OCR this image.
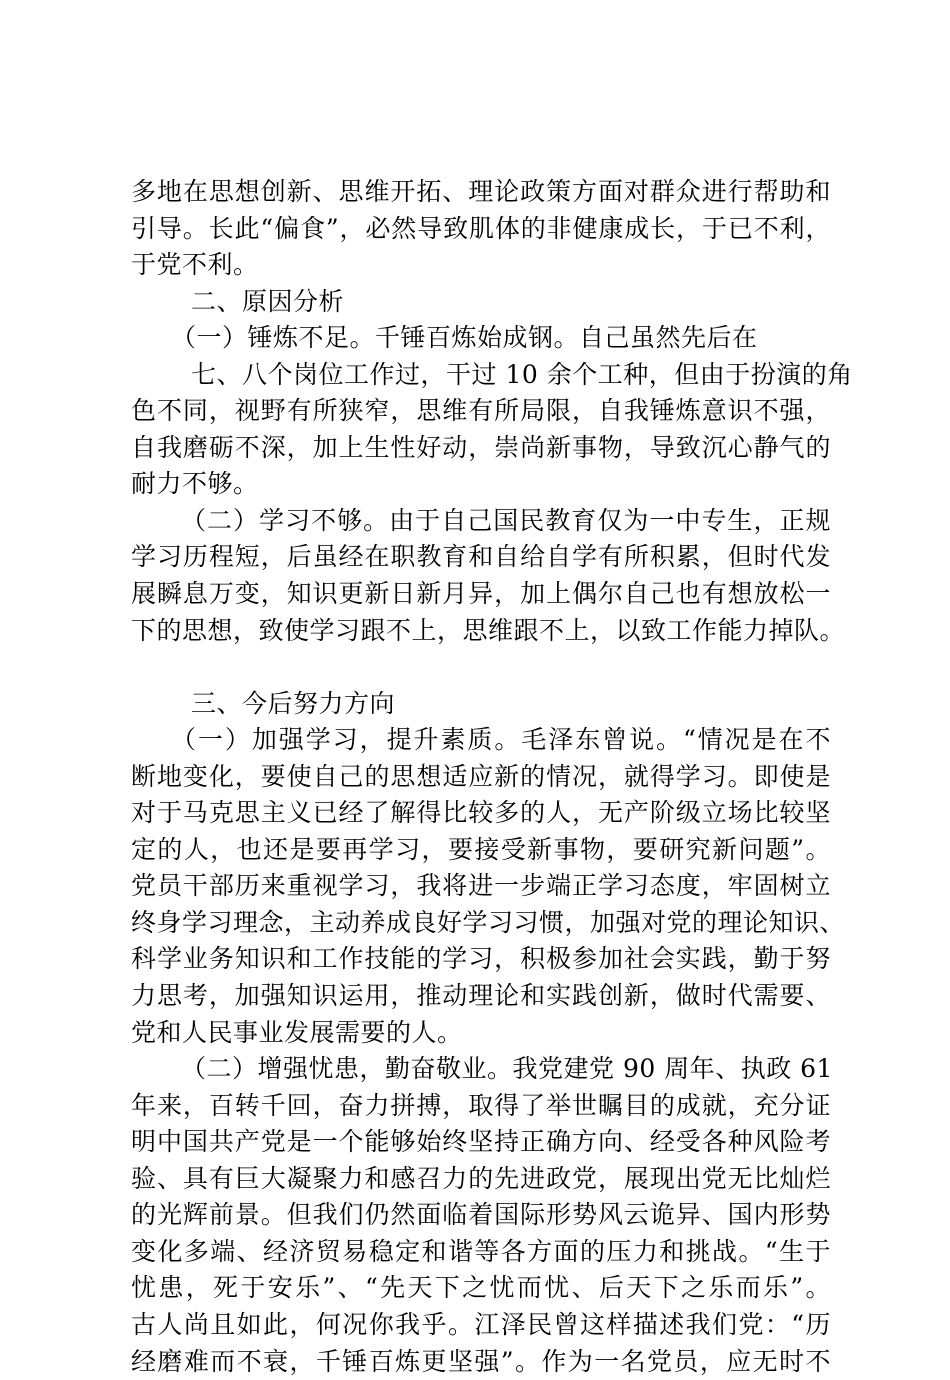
多地在思想创新、思维开拓、理论政策方面对群众进行帮助和
引导。长此“偏食”，必然导致肌体的非健康成长，于已不利，
于党不利。
二、原因分析
（一）锤炼不足。千锤百炼始成钢。自己虽然先后在
七、八个岗位工作过，干过 10 余个工种，但由于扮演的角
色不同，视野有所狭窄，思维有所局限，自我锤炼意识不强，
自我磨砺不深，加上生性好动，崇尚新事物，导致沉心静气的
耐力不够。
（二）学习不够。由于自己国民教育仅为一中专生，正规
学习历程短，后虽经在职教育和自给自学有所积累，但时代发
展瞬息万变，知识更新日新月异，加上偶尔自己也有想放松一
下的思想，致使学习跟不上，思维跟不上，以致工作能力掉队。
三、今后努力方向
（一）加强学习，提升素质。毛泽东曾说。“情况是在不
断地变化，要使自己的思想适应新的情况，就得学习。即使是
对于马克思主义已经了解得比较多的人，无产阶级立场比较坚
定的人，也还是要再学习，要接受新事物，要研究新问题”。
党员干部历来重视学习，我将进一步端正学习态度，牢固树立
终身学习理念，主动养成良好学习习惯，加强对党的理论知识、
科学业务知识和工作技能的学习，积极参加社会实践，勤于努
力思考，加强知识运用，推动理论和实践创新，做时代需要、
党和人民事业发展需要的人。
（二）增强忧患，勤奋敬业。我党建党 90 周年、执政 61
年来，百转千回，奋力拼搏，取得了举世瞩目的成就，充分证
明中国共产党是一个能够始终坚持正确方向、经受各种风险考
验、具有巨大凝聚力和感召力的先进政党，展现出党无比灿烂
的光辉前景。但我们仍然面临着国际形势风云诡异、国内形势
变化多端、经济贸易稳定和谐等各方面的压力和挑战。“生于
忧患，死于安乐”、“先天下之忧而忧、后天下之乐而乐”。
古人尚且如此，何况你我乎。江泽民曾这样描述我们党：“历
经磨难而不衰，千锤百炼更坚强”。作为一名党员，应无时不
